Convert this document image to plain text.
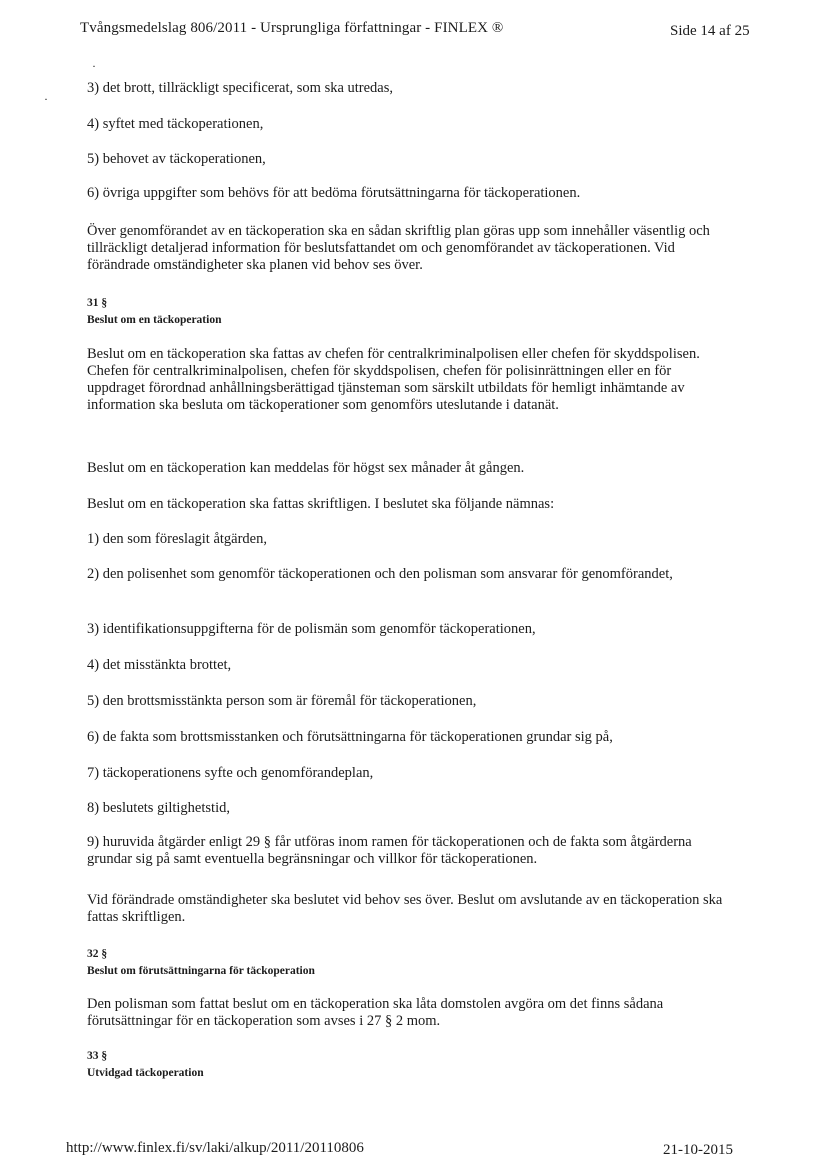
Tvångsmedelslag 806/2011 - Ursprungliga författningar - FINLEX ®	Side 14 af 25
·
·

3) det brott, tillräckligt specificerat, som ska utredas,

4) syftet med täckoperationen,

5) behovet av täckoperationen,

6) övriga uppgifter som behövs för att bedöma förutsättningarna för täckoperationen.

Över genomförandet av en täckoperation ska en sådan skriftlig plan göras upp som innehåller väsentlig och tillräckligt detaljerad information för beslutsfattandet om och genomförandet av täckoperationen. Vid förändrade omständigheter ska planen vid behov ses över.

31 §
Beslut om en täckoperation

Beslut om en täckoperation ska fattas av chefen för centralkriminalpolisen eller chefen för skyddspolisen. Chefen för centralkriminalpolisen, chefen för skyddspolisen, chefen för polisinrättningen eller en för uppdraget förordnad anhållningsberättigad tjänsteman som särskilt utbildats för hemligt inhämtande av information ska besluta om täckoperationer som genomförs uteslutande i datanät.

Beslut om en täckoperation kan meddelas för högst sex månader åt gången.

Beslut om en täckoperation ska fattas skriftligen. I beslutet ska följande nämnas:

1) den som föreslagit åtgärden,

2) den polisenhet som genomför täckoperationen och den polisman som ansvarar för genomförandet,

3) identifikationsuppgifterna för de polismän som genomför täckoperationen,

4) det misstänkta brottet,

5) den brottsmisstänkta person som är föremål för täckoperationen,

6) de fakta som brottsmisstanken och förutsättningarna för täckoperationen grundar sig på,

7) täckoperationens syfte och genomförandeplan,

8) beslutets giltighetstid,

9) huruvida åtgärder enligt 29 § får utföras inom ramen för täckoperationen och de fakta som åtgärderna grundar sig på samt eventuella begränsningar och villkor för täckoperationen.

Vid förändrade omständigheter ska beslutet vid behov ses över. Beslut om avslutande av en täckoperation ska fattas skriftligen.

32 §
Beslut om förutsättningarna för täckoperation

Den polisman som fattat beslut om en täckoperation ska låta domstolen avgöra om det finns sådana förutsättningar för en täckoperation som avses i 27 § 2 mom.

33 §
Utvidgad täckoperation
http://www.finlex.fi/sv/laki/alkup/2011/20110806	21-10-2015
